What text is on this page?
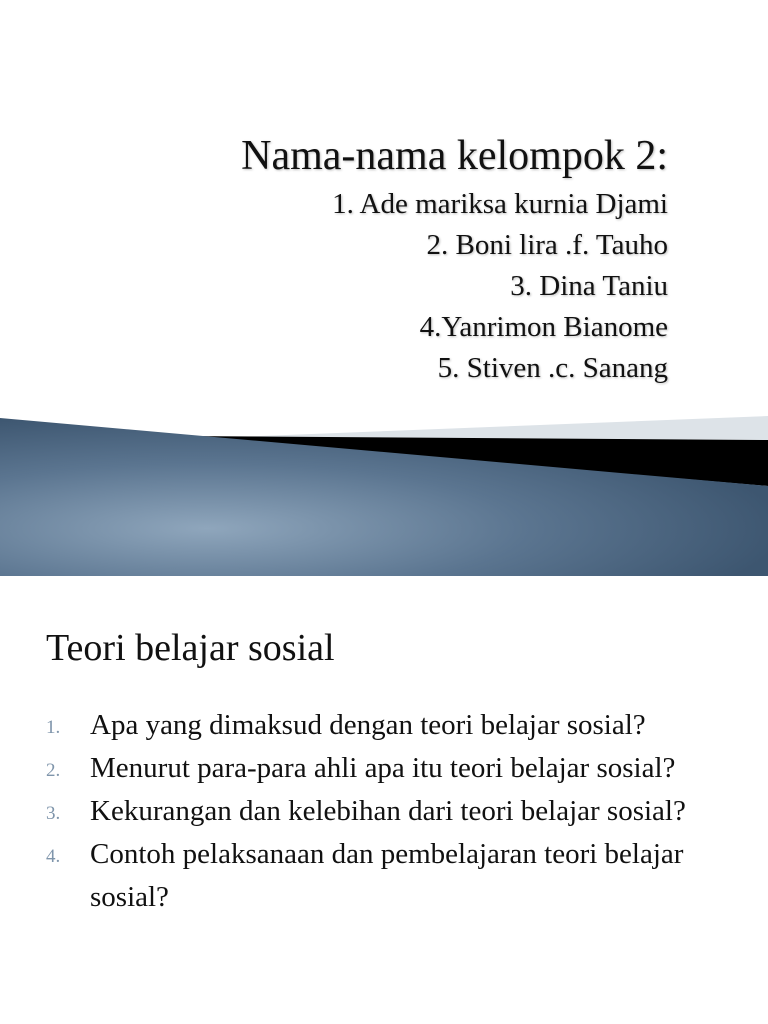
Nama-nama kelompok 2:
1. Ade mariksa kurnia Djami
2. Boni lira .f. Tauho
3. Dina Taniu
4.Yanrimon Bianome
5. Stiven .c. Sanang
Teori belajar sosial
1. Apa yang dimaksud dengan teori belajar sosial?
2. Menurut para-para ahli apa itu teori belajar sosial?
3. Kekurangan dan kelebihan dari teori belajar sosial?
4. Contoh pelaksanaan dan pembelajaran teori belajar sosial?
